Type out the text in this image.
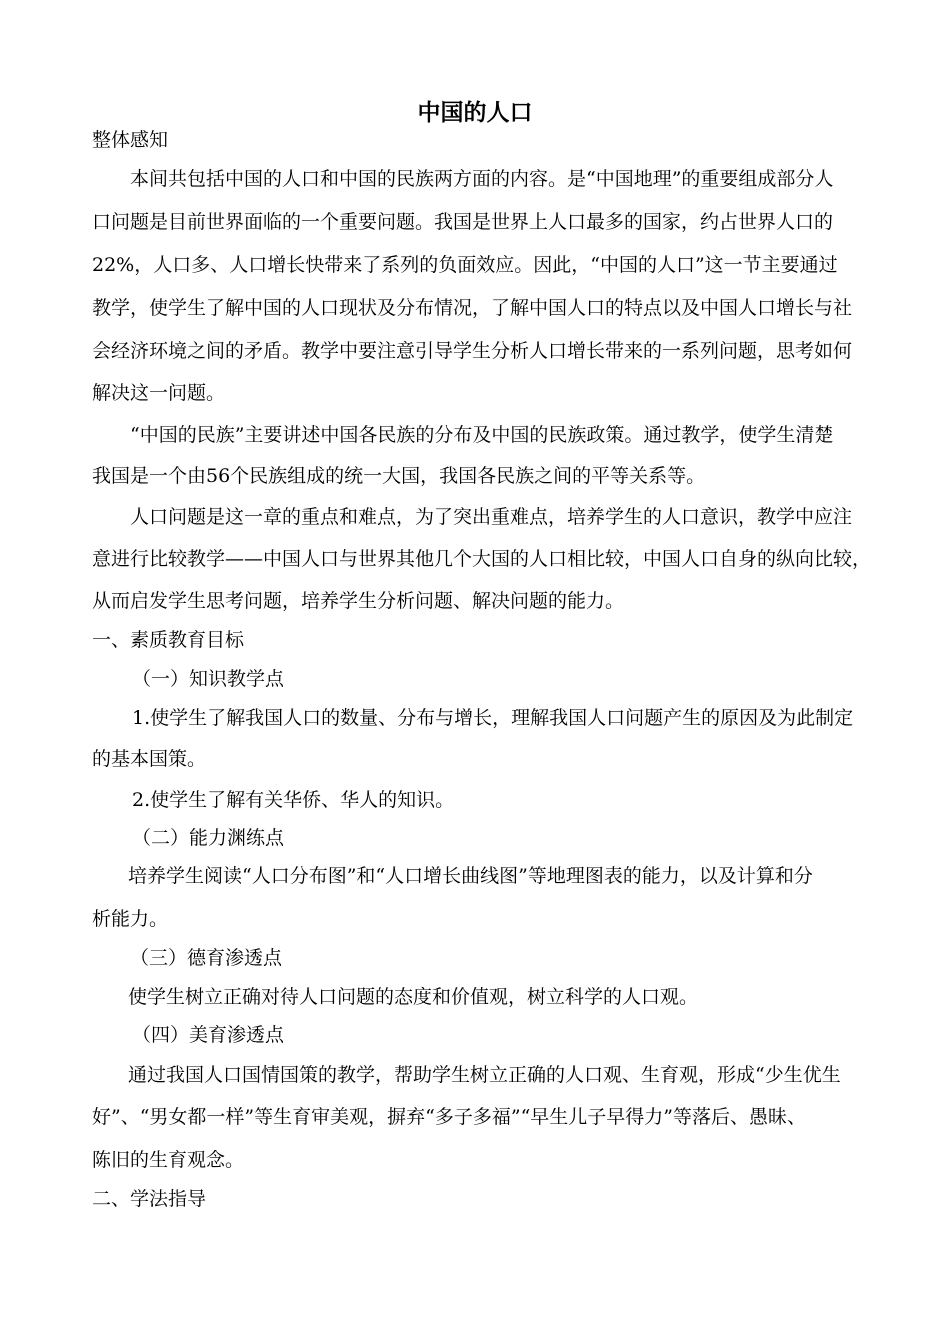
中国的人口
整体感知
本间共包括中国的人口和中国的民族两方面的内容。是“中国地理”的重要组成部分人
口问题是目前世界面临的一个重要问题。我国是世界上人口最多的国家，约占世界人口的
22%，人口多、人口增长快带来了系列的负面效应。因此，“中国的人口”这一节主要通过
教学，使学生了解中国的人口现状及分布情况，了解中国人口的特点以及中国人口增长与社
会经济环境之间的矛盾。教学中要注意引导学生分析人口增长带来的一系列问题，思考如何
解决这一问题。
“中国的民族”主要讲述中国各民族的分布及中国的民族政策。通过教学，使学生清楚
我国是一个由56个民族组成的统一大国，我国各民族之间的平等关系等。
人口问题是这一章的重点和难点，为了突出重难点，培养学生的人口意识，教学中应注
意进行比较教学——中国人口与世界其他几个大国的人口相比较，中国人口自身的纵向比较，
从而启发学生思考问题，培养学生分析问题、解决问题的能力。
一、素质教育目标
（一）知识教学点
1.使学生了解我国人口的数量、分布与增长，理解我国人口问题产生的原因及为此制定
的基本国策。
2.使学生了解有关华侨、华人的知识。
（二）能力渊练点
培养学生阅读“人口分布图”和“人口增长曲线图”等地理图表的能力，以及计算和分
析能力。
（三）德育渗透点
使学生树立正确对待人口问题的态度和价值观，树立科学的人口观。
（四）美育渗透点
通过我国人口国情国策的教学，帮助学生树立正确的人口观、生育观，形成“少生优生
好”、“男女都一样”等生育审美观，摒弃“多子多福”“早生儿子早得力”等落后、愚昧、
陈旧的生育观念。
二、学法指导
